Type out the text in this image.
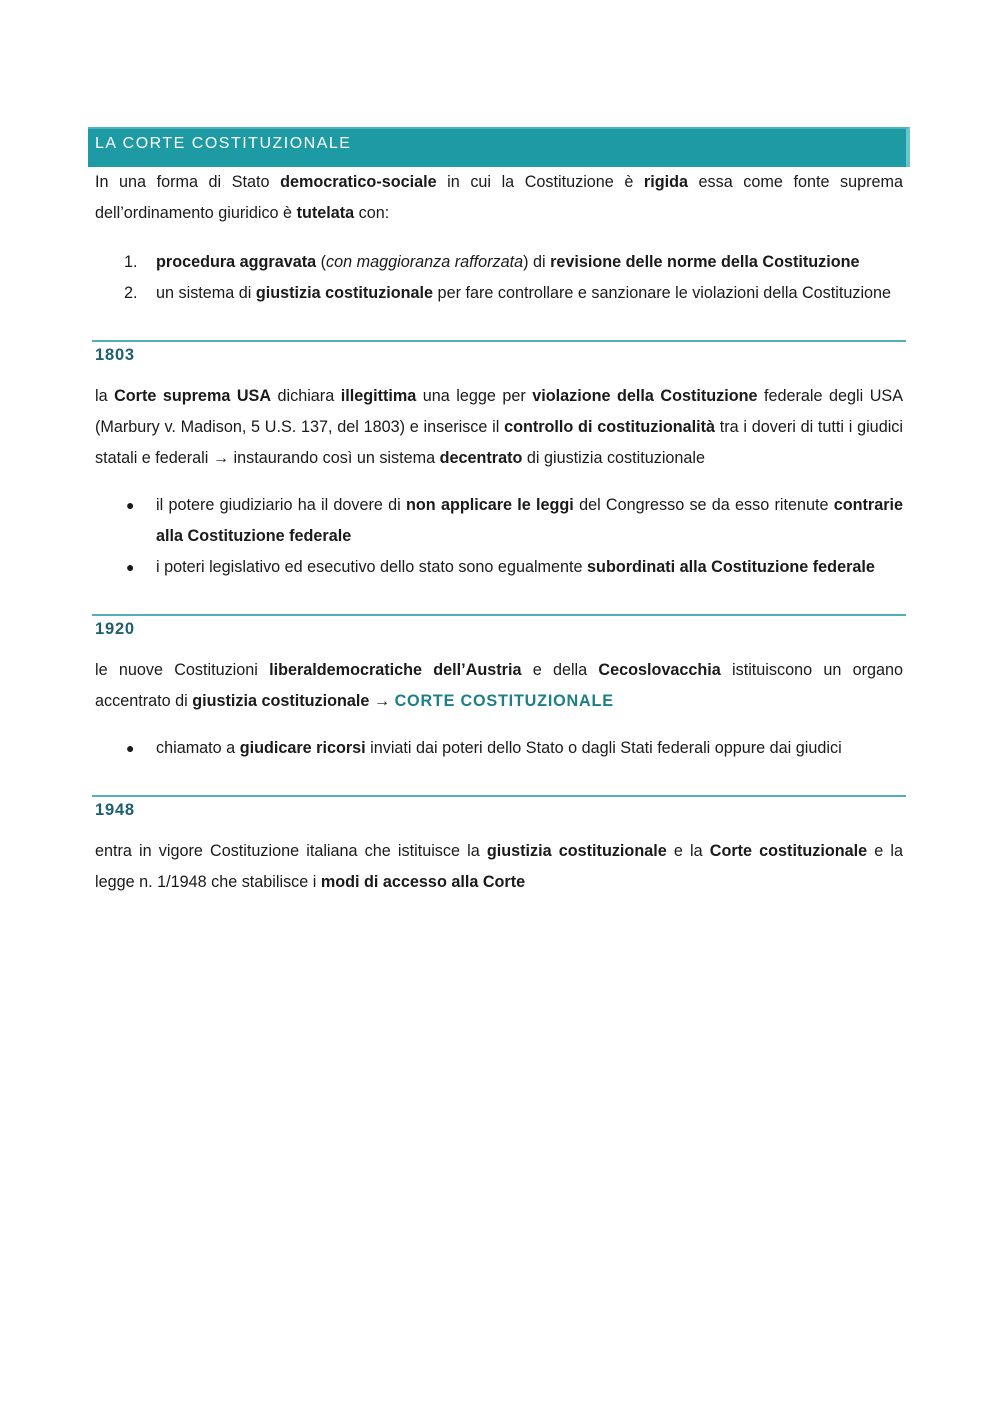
LA CORTE COSTITUZIONALE

In una forma di Stato democratico-sociale in cui la Costituzione è rigida essa come fonte suprema dell’ordinamento giuridico è tutelata con:

1. procedura aggravata (con maggioranza rafforzata) di revisione delle norme della Costituzione
2. un sistema di giustizia costituzionale per fare controllare e sanzionare le violazioni della Costituzione
1803

la Corte suprema USA dichiara illegittima una legge per violazione della Costituzione federale degli USA (Marbury v. Madison, 5 U.S. 137, del 1803) e inserisce il controllo di costituzionalità tra i doveri di tutti i giudici statali e federali → instaurando così un sistema decentrato di giustizia costituzionale

● il potere giudiziario ha il dovere di non applicare le leggi del Congresso se da esso ritenute contrarie alla Costituzione federale
● i poteri legislativo ed esecutivo dello stato sono egualmente subordinati alla Costituzione federale
1920

le nuove Costituzioni liberaldemocratiche dell’Austria e della Cecoslovacchia istituiscono un organo accentrato di giustizia costituzionale → CORTE COSTITUZIONALE

● chiamato a giudicare ricorsi inviati dai poteri dello Stato o dagli Stati federali oppure dai giudici
1948

entra in vigore Costituzione italiana che istituisce la giustizia costituzionale e la Corte costituzionale e la legge n. 1/1948 che stabilisce i modi di accesso alla Corte
